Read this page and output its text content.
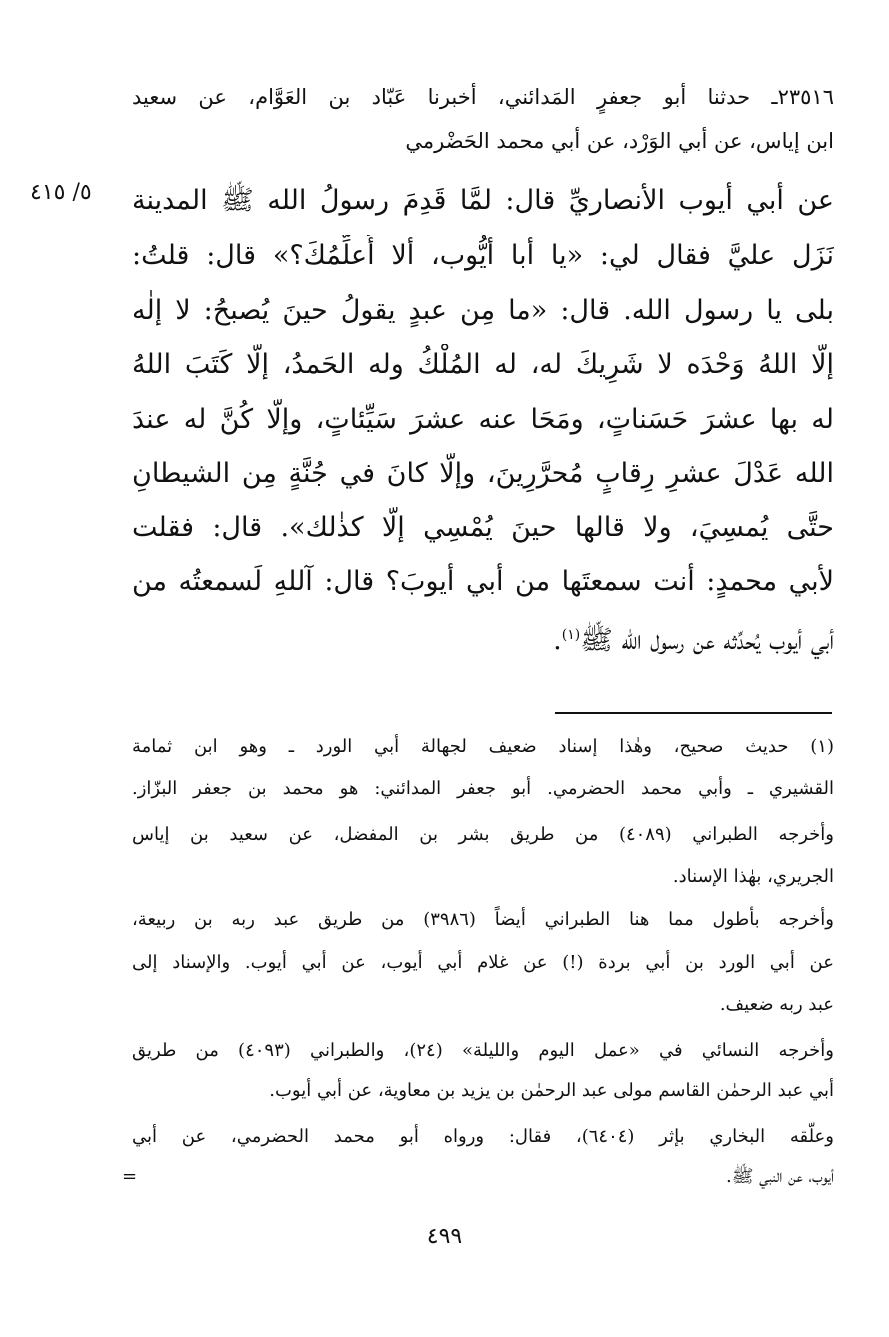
٢٣٥١٦ـ حدثنا أبو جعفرٍ المَدائني، أخبرنا عَبّاد بن العَوَّام، عن سعيد
ابن إياس، عن أبي الوَرْد، عن أبي محمد الحَضْرمي
٥/ ٤١٥ عن أبي أيوب الأنصاريِّ قال: لمَّا قَدِمَ رسولُ الله ﷺ المدينة
نَزَل عليَّ فقال لي: «يا أبا أيُّوب، ألا أُعلِّمُكَ؟» قال: قلتُ:
بلى يا رسول الله. قال: «ما مِن عبدٍ يقولُ حينَ يُصبحُ: لا إلٰه
إلَّا اللهُ وَحْدَه لا شَرِيكَ له، له المُلْكُ وله الحَمدُ، إلَّا كَتَبَ اللهُ
له بها عشرَ حَسَناتٍ، ومَحَا عنه عشرَ سَيِّئاتٍ، وإلَّا كُنَّ له عندَ
الله عَدْلَ عشرِ رِقابٍ مُحرَّرِينَ، وإلَّا كانَ في جُنَّةٍ مِن الشيطانِ
حتَّى يُمسِيَ، ولا قالها حينَ يُمْسِي إلَّا كذٰلك». قال: فقلت
لأبي محمدٍ: أنت سمعتَها من أبي أيوبَ؟ قال: آللهِ لَسمعتُه من
أبي أيوب يُحدِّثه عن رسول الله ﷺ$^{(١)}$.
(١) حديث صحيح، وهٰذا إسناد ضعيف لجهالة أبي الورد ـ وهو ابن ثمامة
القشيري ـ وأبي محمد الحضرمي. أبو جعفر المدائني: هو محمد بن جعفر البزّاز.
وأخرجه الطبراني (٤٠٨٩) من طريق بشر بن المفضل، عن سعيد بن إياس
الجريري، بهٰذا الإسناد.
وأخرجه بأطول مما هنا الطبراني أيضاً (٣٩٨٦) من طريق عبد ربه بن ربيعة،
عن أبي الورد بن أبي بردة (!) عن غلام أبي أيوب، عن أبي أيوب. والإسناد إلى
عبد ربه ضعيف.
وأخرجه النسائي في «عمل اليوم والليلة» (٢٤)، والطبراني (٤٠٩٣) من طريق
أبي عبد الرحمٰن القاسم مولى عبد الرحمٰن بن يزيد بن معاوية، عن أبي أيوب.
وعلَّقه البخاري بإثر (٦٤٠٤)، فقال: ورواه أبو محمد الحضرمي، عن أبي
أيوب، عن النبي ﷺ.
=
٤٩٩
